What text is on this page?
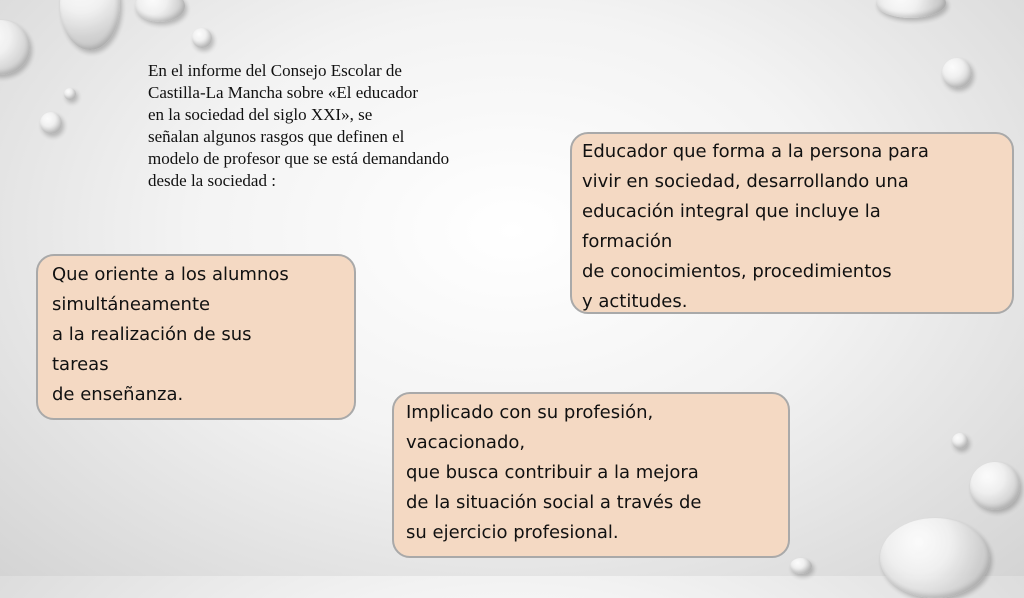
En el informe del Consejo Escolar de
Castilla-La Mancha sobre «El educador
en la sociedad del siglo XXI», se
señalan algunos rasgos que definen el
modelo de profesor que se está demandando
desde la sociedad :

Educador que forma a la persona para
vivir en sociedad, desarrollando una
educación integral que incluye la
formación
de conocimientos, procedimientos
y actitudes.
Que oriente a los alumnos
simultáneamente
a la realización de sus
tareas
de enseñanza.
Implicado con su profesión,
vacacionado,
que busca contribuir a la mejora
de la situación social a través de
su ejercicio profesional.
